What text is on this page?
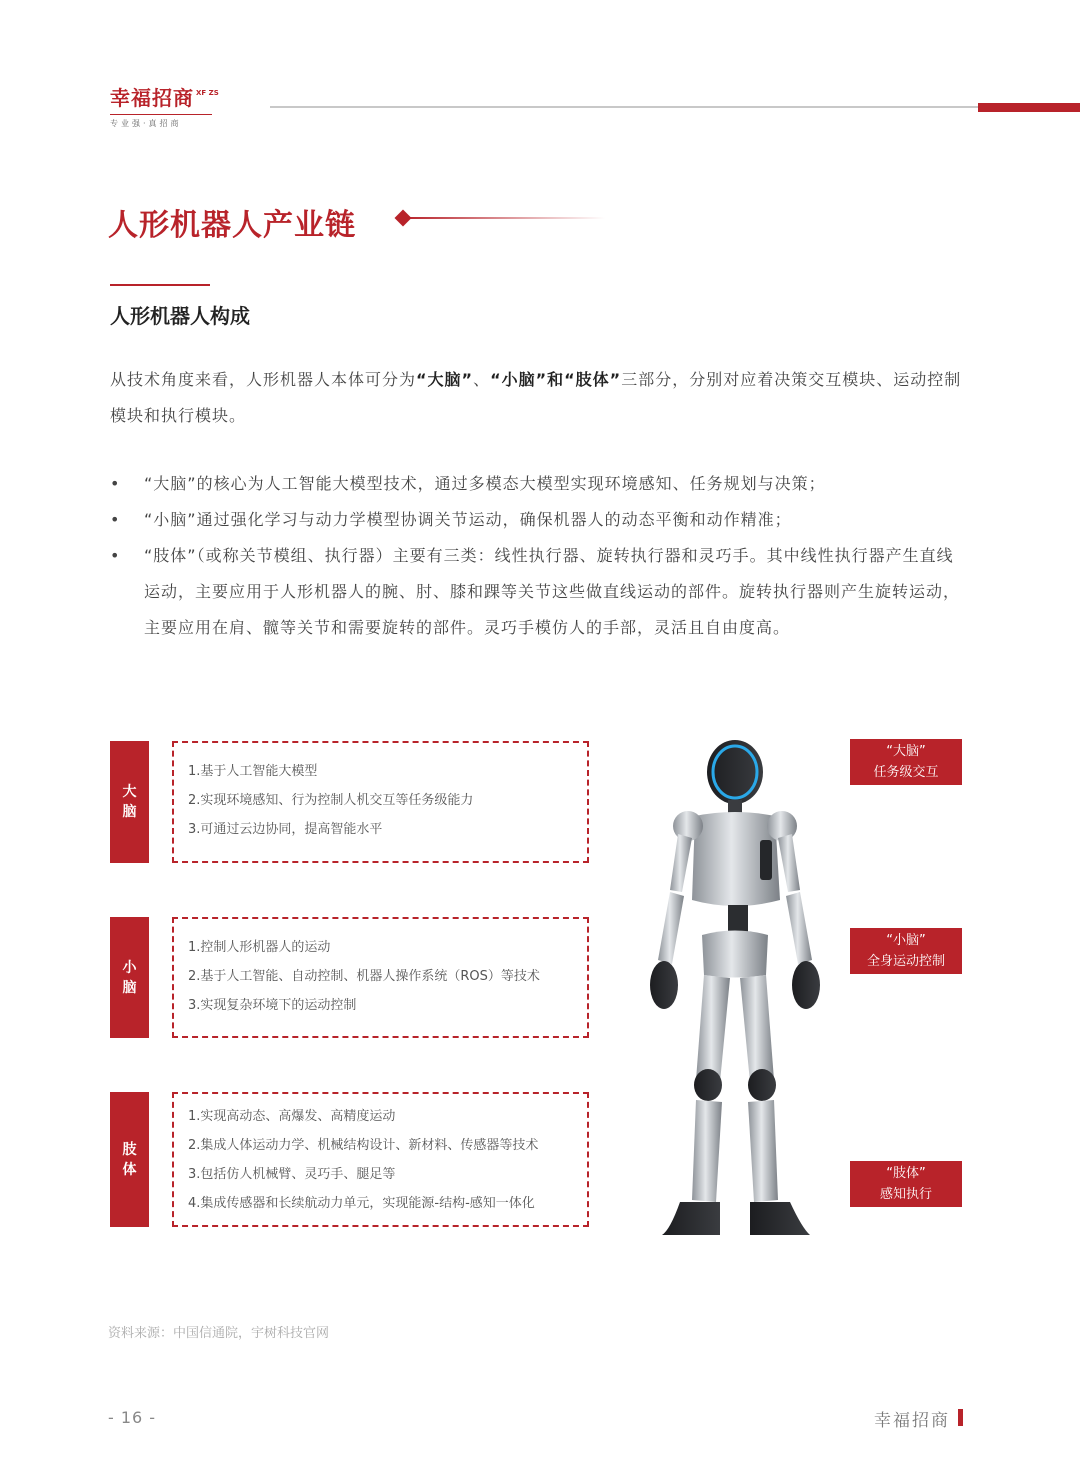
幸福招商 XF ZS
专业强·真招商
人形机器人产业链
人形机器人构成

从技术角度来看，人形机器人本体可分为“大脑”、“小脑”和“肢体”三部分，分别对应着决策交互模块、运动控制模块和执行模块。

• “大脑”的核心为人工智能大模型技术，通过多模态大模型实现环境感知、任务规划与决策；
• “小脑”通过强化学习与动力学模型协调关节运动，确保机器人的动态平衡和动作精准；
• “肢体”（或称关节模组、执行器）主要有三类：线性执行器、旋转执行器和灵巧手。其中线性执行器产生直线运动，主要应用于人形机器人的腕、肘、膝和踝等关节这些做直线运动的部件。旋转执行器则产生旋转运动，主要应用在肩、髋等关节和需要旋转的部件。灵巧手模仿人的手部，灵活且自由度高。
大
脑

1.基于人工智能大模型

2.实现环境感知、行为控制人机交互等任务级能力

3.可通过云边协同，提高智能水平

小
脑

1.控制人形机器人的运动

2.基于人工智能、自动控制、机器人操作系统（ROS）等技术

3.实现复杂环境下的运动控制

肢
体

1.实现高动态、高爆发、高精度运动

2.集成人体运动力学、机械结构设计、新材料、传感器等技术

3.包括仿人机械臂、灵巧手、腿足等

4.集成传感器和长续航动力单元，实现能源-结构-感知一体化

“大脑”
任务级交互
“小脑”
全身运动控制
“肢体”
感知执行
资料来源：中国信通院，宇树科技官网
- 16 -	幸福招商
